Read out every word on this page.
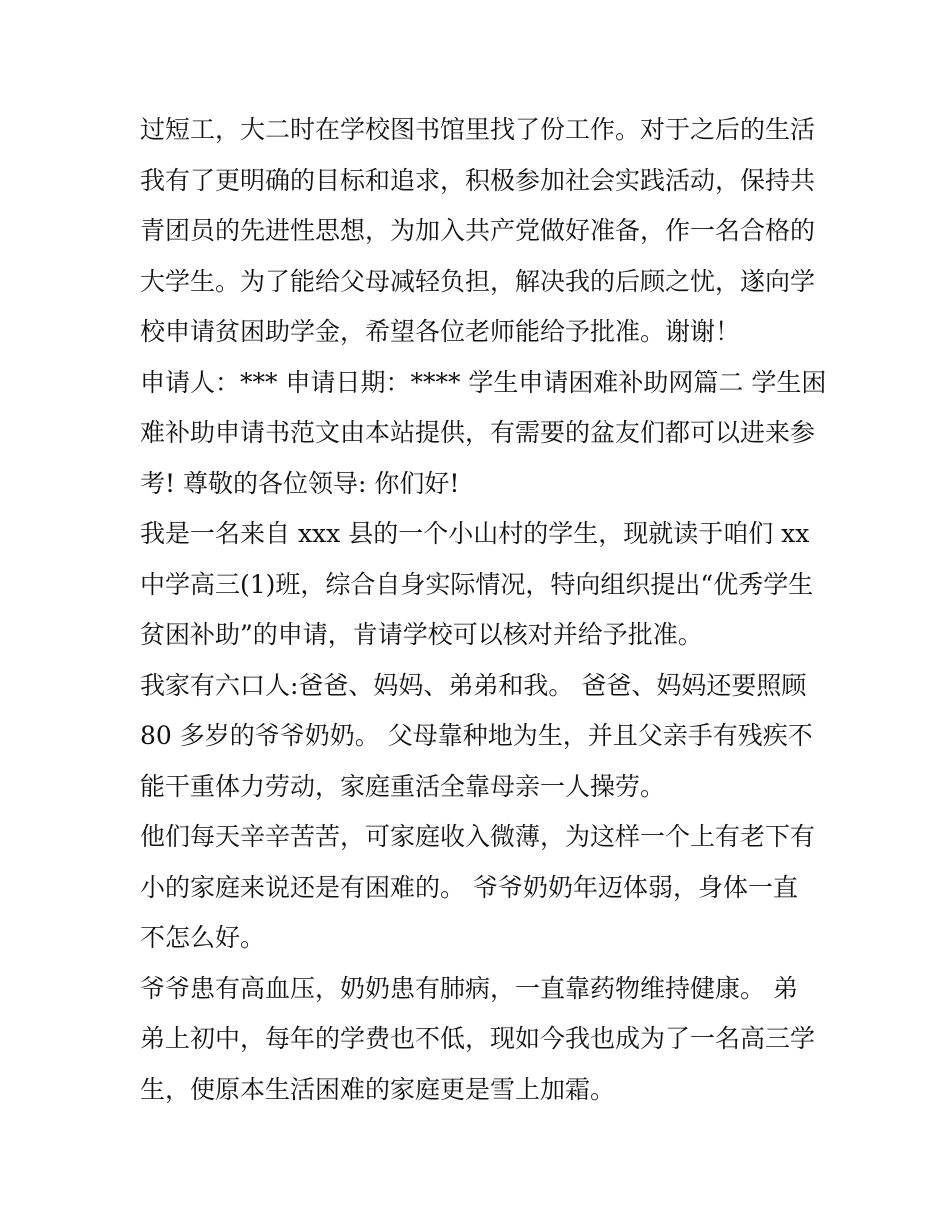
过短工，大二时在学校图书馆里找了份工作。对于之后的生活

我有了更明确的目标和追求，积极参加社会实践活动，保持共

青团员的先进性思想，为加入共产党做好准备，作一名合格的

大学生。为了能给父母减轻负担，解决我的后顾之忧，遂向学

校申请贫困助学金，希望各位老师能给予批准。谢谢！

申请人：*** 申请日期：**** 学生申请困难补助网篇二 学生困

难补助申请书范文由本站提供，有需要的盆友们都可以进来参

考! 尊敬的各位领导: 你们好!

我是一名来自 xxx 县的一个小山村的学生，现就读于咱们 xx

中学高三(1)班，综合自身实际情况，特向组织提出“优秀学生

贫困补助”的申请，肯请学校可以核对并给予批准。

我家有六口人:爸爸、妈妈、弟弟和我。 爸爸、妈妈还要照顾

80 多岁的爷爷奶奶。 父母靠种地为生，并且父亲手有残疾不

能干重体力劳动，家庭重活全靠母亲一人操劳。

他们每天辛辛苦苦，可家庭收入微薄，为这样一个上有老下有

小的家庭来说还是有困难的。 爷爷奶奶年迈体弱，身体一直

不怎么好。

爷爷患有高血压，奶奶患有肺病，一直靠药物维持健康。 弟

弟上初中，每年的学费也不低，现如今我也成为了一名高三学

生，使原本生活困难的家庭更是雪上加霜。
